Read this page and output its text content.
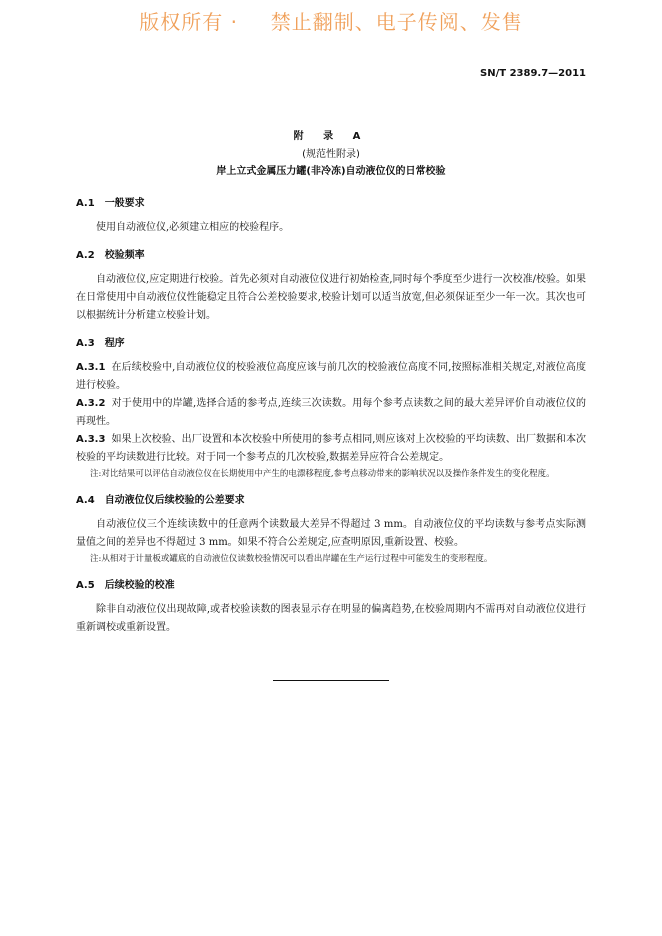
版权所有 · 禁止翻制、电子传阅、发售
SN/T 2389.7—2011
附 录 A
(规范性附录)
岸上立式金属压力罐(非冷冻)自动液位仪的日常校验

A.1 一般要求

使用自动液位仪,必须建立相应的校验程序。

A.2 校验频率

自动液位仪,应定期进行校验。首先必须对自动液位仪进行初始检查,同时每个季度至少进行一次校准/校验。如果在日常使用中自动液位仪性能稳定且符合公差校验要求,校验计划可以适当放宽,但必须保证至少一年一次。其次也可以根据统计分析建立校验计划。

A.3 程序

A.3.1 在后续校验中,自动液位仪的校验液位高度应该与前几次的校验液位高度不同,按照标准相关规定,对液位高度进行校验。

A.3.2 对于使用中的岸罐,选择合适的参考点,连续三次读数。用每个参考点读数之间的最大差异评价自动液位仪的再现性。

A.3.3 如果上次校验、出厂设置和本次校验中所使用的参考点相同,则应该对上次校验的平均读数、出厂数据和本次校验的平均读数进行比较。对于同一个参考点的几次校验,数据差异应符合公差规定。

注:对比结果可以评估自动液位仪在长期使用中产生的电漂移程度,参考点移动带来的影响状况以及操作条件发生的变化程度。

A.4 自动液位仪后续校验的公差要求

自动液位仪三个连续读数中的任意两个读数最大差异不得超过 3 mm。自动液位仪的平均读数与参考点实际测量值之间的差异也不得超过 3 mm。如果不符合公差规定,应查明原因,重新设置、校验。

注:从相对于计量板或罐底的自动液位仪读数校验情况可以看出岸罐在生产运行过程中可能发生的变形程度。

A.5 后续校验的校准

除非自动液位仪出现故障,或者校验读数的图表显示存在明显的偏离趋势,在校验周期内不需再对自动液位仪进行重新调校或重新设置。
